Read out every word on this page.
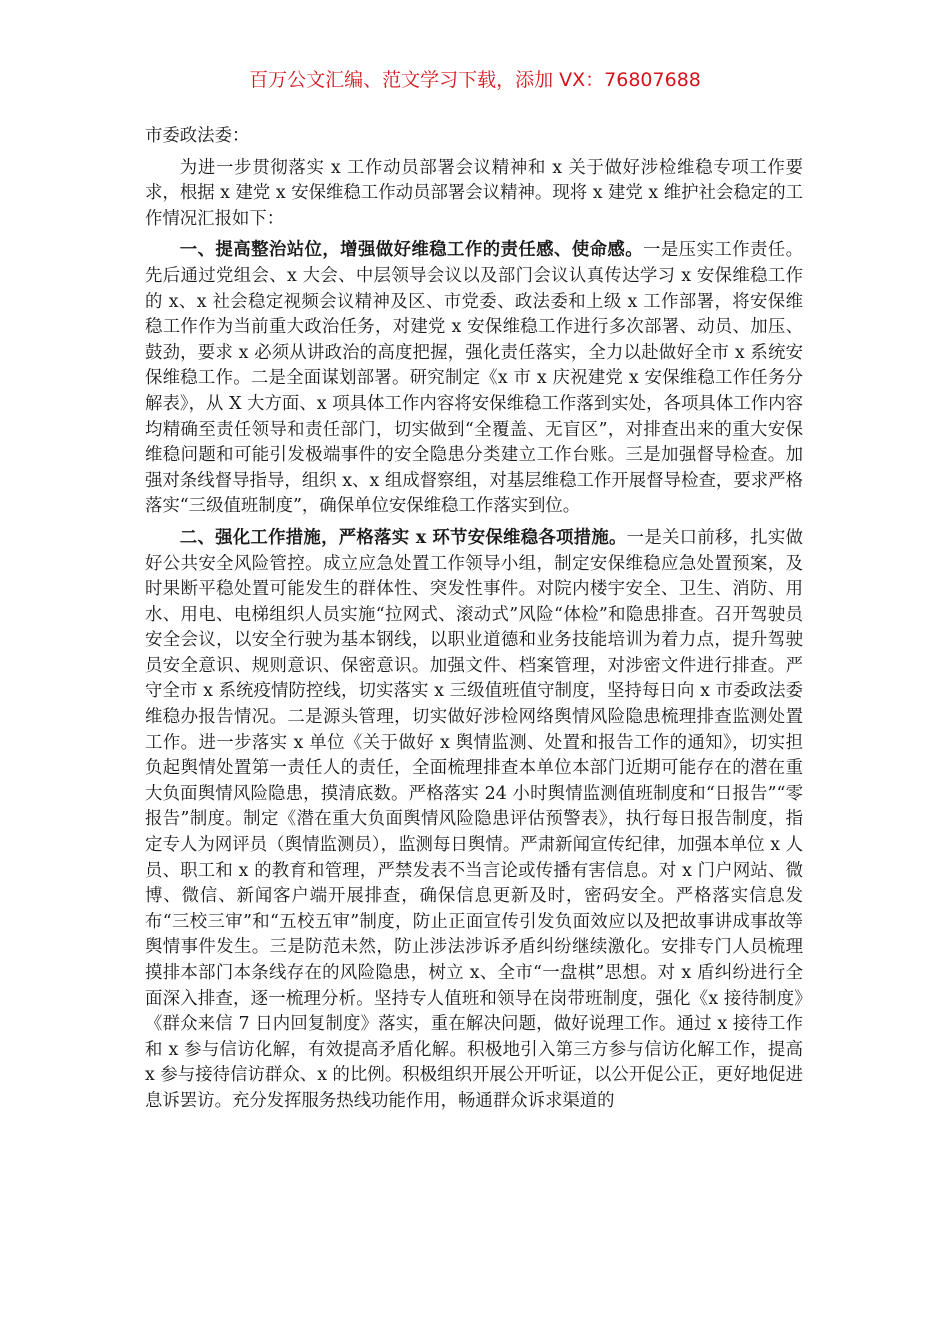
百万公文汇编、范文学习下载，添加 VX：76807688

市委政法委：

为进一步贯彻落实 x 工作动员部署会议精神和 x 关于做好涉检维稳专项工作要求，根据 x 建党 x 安保维稳工作动员部署会议精神。现将 x 建党 x 维护社会稳定的工作情况汇报如下：

一、提高整治站位，增强做好维稳工作的责任感、使命感。一是压实工作责任。先后通过党组会、x 大会、中层领导会议以及部门会议认真传达学习 x 安保维稳工作的 x、x 社会稳定视频会议精神及区、市党委、政法委和上级 x 工作部署，将安保维稳工作作为当前重大政治任务，对建党 x 安保维稳工作进行多次部署、动员、加压、鼓劲，要求 x 必须从讲政治的高度把握，强化责任落实，全力以赴做好全市 x 系统安保维稳工作。二是全面谋划部署。研究制定《x 市 x 庆祝建党 x 安保维稳工作任务分解表》，从 X 大方面、x 项具体工作内容将安保维稳工作落到实处，各项具体工作内容均精确至责任领导和责任部门，切实做到“全覆盖、无盲区”，对排查出来的重大安保维稳问题和可能引发极端事件的安全隐患分类建立工作台账。三是加强督导检查。加强对条线督导指导，组织 x、x 组成督察组，对基层维稳工作开展督导检查，要求严格落实“三级值班制度”，确保单位安保维稳工作落实到位。

二、强化工作措施，严格落实 x 环节安保维稳各项措施。一是关口前移，扎实做好公共安全风险管控。成立应急处置工作领导小组，制定安保维稳应急处置预案，及时果断平稳处置可能发生的群体性、突发性事件。对院内楼宇安全、卫生、消防、用水、用电、电梯组织人员实施“拉网式、滚动式”风险“体检”和隐患排查。召开驾驶员安全会议，以安全行驶为基本钢线，以职业道德和业务技能培训为着力点，提升驾驶员安全意识、规则意识、保密意识。加强文件、档案管理，对涉密文件进行排查。严守全市 x 系统疫情防控线，切实落实 x 三级值班值守制度，坚持每日向 x 市委政法委维稳办报告情况。二是源头管理，切实做好涉检网络舆情风险隐患梳理排查监测处置工作。进一步落实 x 单位《关于做好 x 舆情监测、处置和报告工作的通知》，切实担负起舆情处置第一责任人的责任，全面梳理排查本单位本部门近期可能存在的潜在重大负面舆情风险隐患，摸清底数。严格落实 24 小时舆情监测值班制度和“日报告”“零报告”制度。制定《潜在重大负面舆情风险隐患评估预警表》，执行每日报告制度，指定专人为网评员（舆情监测员），监测每日舆情。严肃新闻宣传纪律，加强本单位 x 人员、职工和 x 的教育和管理，严禁发表不当言论或传播有害信息。对 x 门户网站、微博、微信、新闻客户端开展排查，确保信息更新及时，密码安全。严格落实信息发布“三校三审”和“五校五审”制度，防止正面宣传引发负面效应以及把故事讲成事故等舆情事件发生。三是防范未然，防止涉法涉诉矛盾纠纷继续激化。安排专门人员梳理摸排本部门本条线存在的风险隐患，树立 x、全市“一盘棋”思想。对 x 盾纠纷进行全面深入排查，逐一梳理分析。坚持专人值班和领导在岗带班制度，强化《x 接待制度》《群众来信 7 日内回复制度》落实，重在解决问题，做好说理工作。通过 x 接待工作和 x 参与信访化解，有效提高矛盾化解。积极地引入第三方参与信访化解工作，提高 x 参与接待信访群众、x 的比例。积极组织开展公开听证，以公开促公正，更好地促进息诉罢访。充分发挥服务热线功能作用，畅通群众诉求渠道的
